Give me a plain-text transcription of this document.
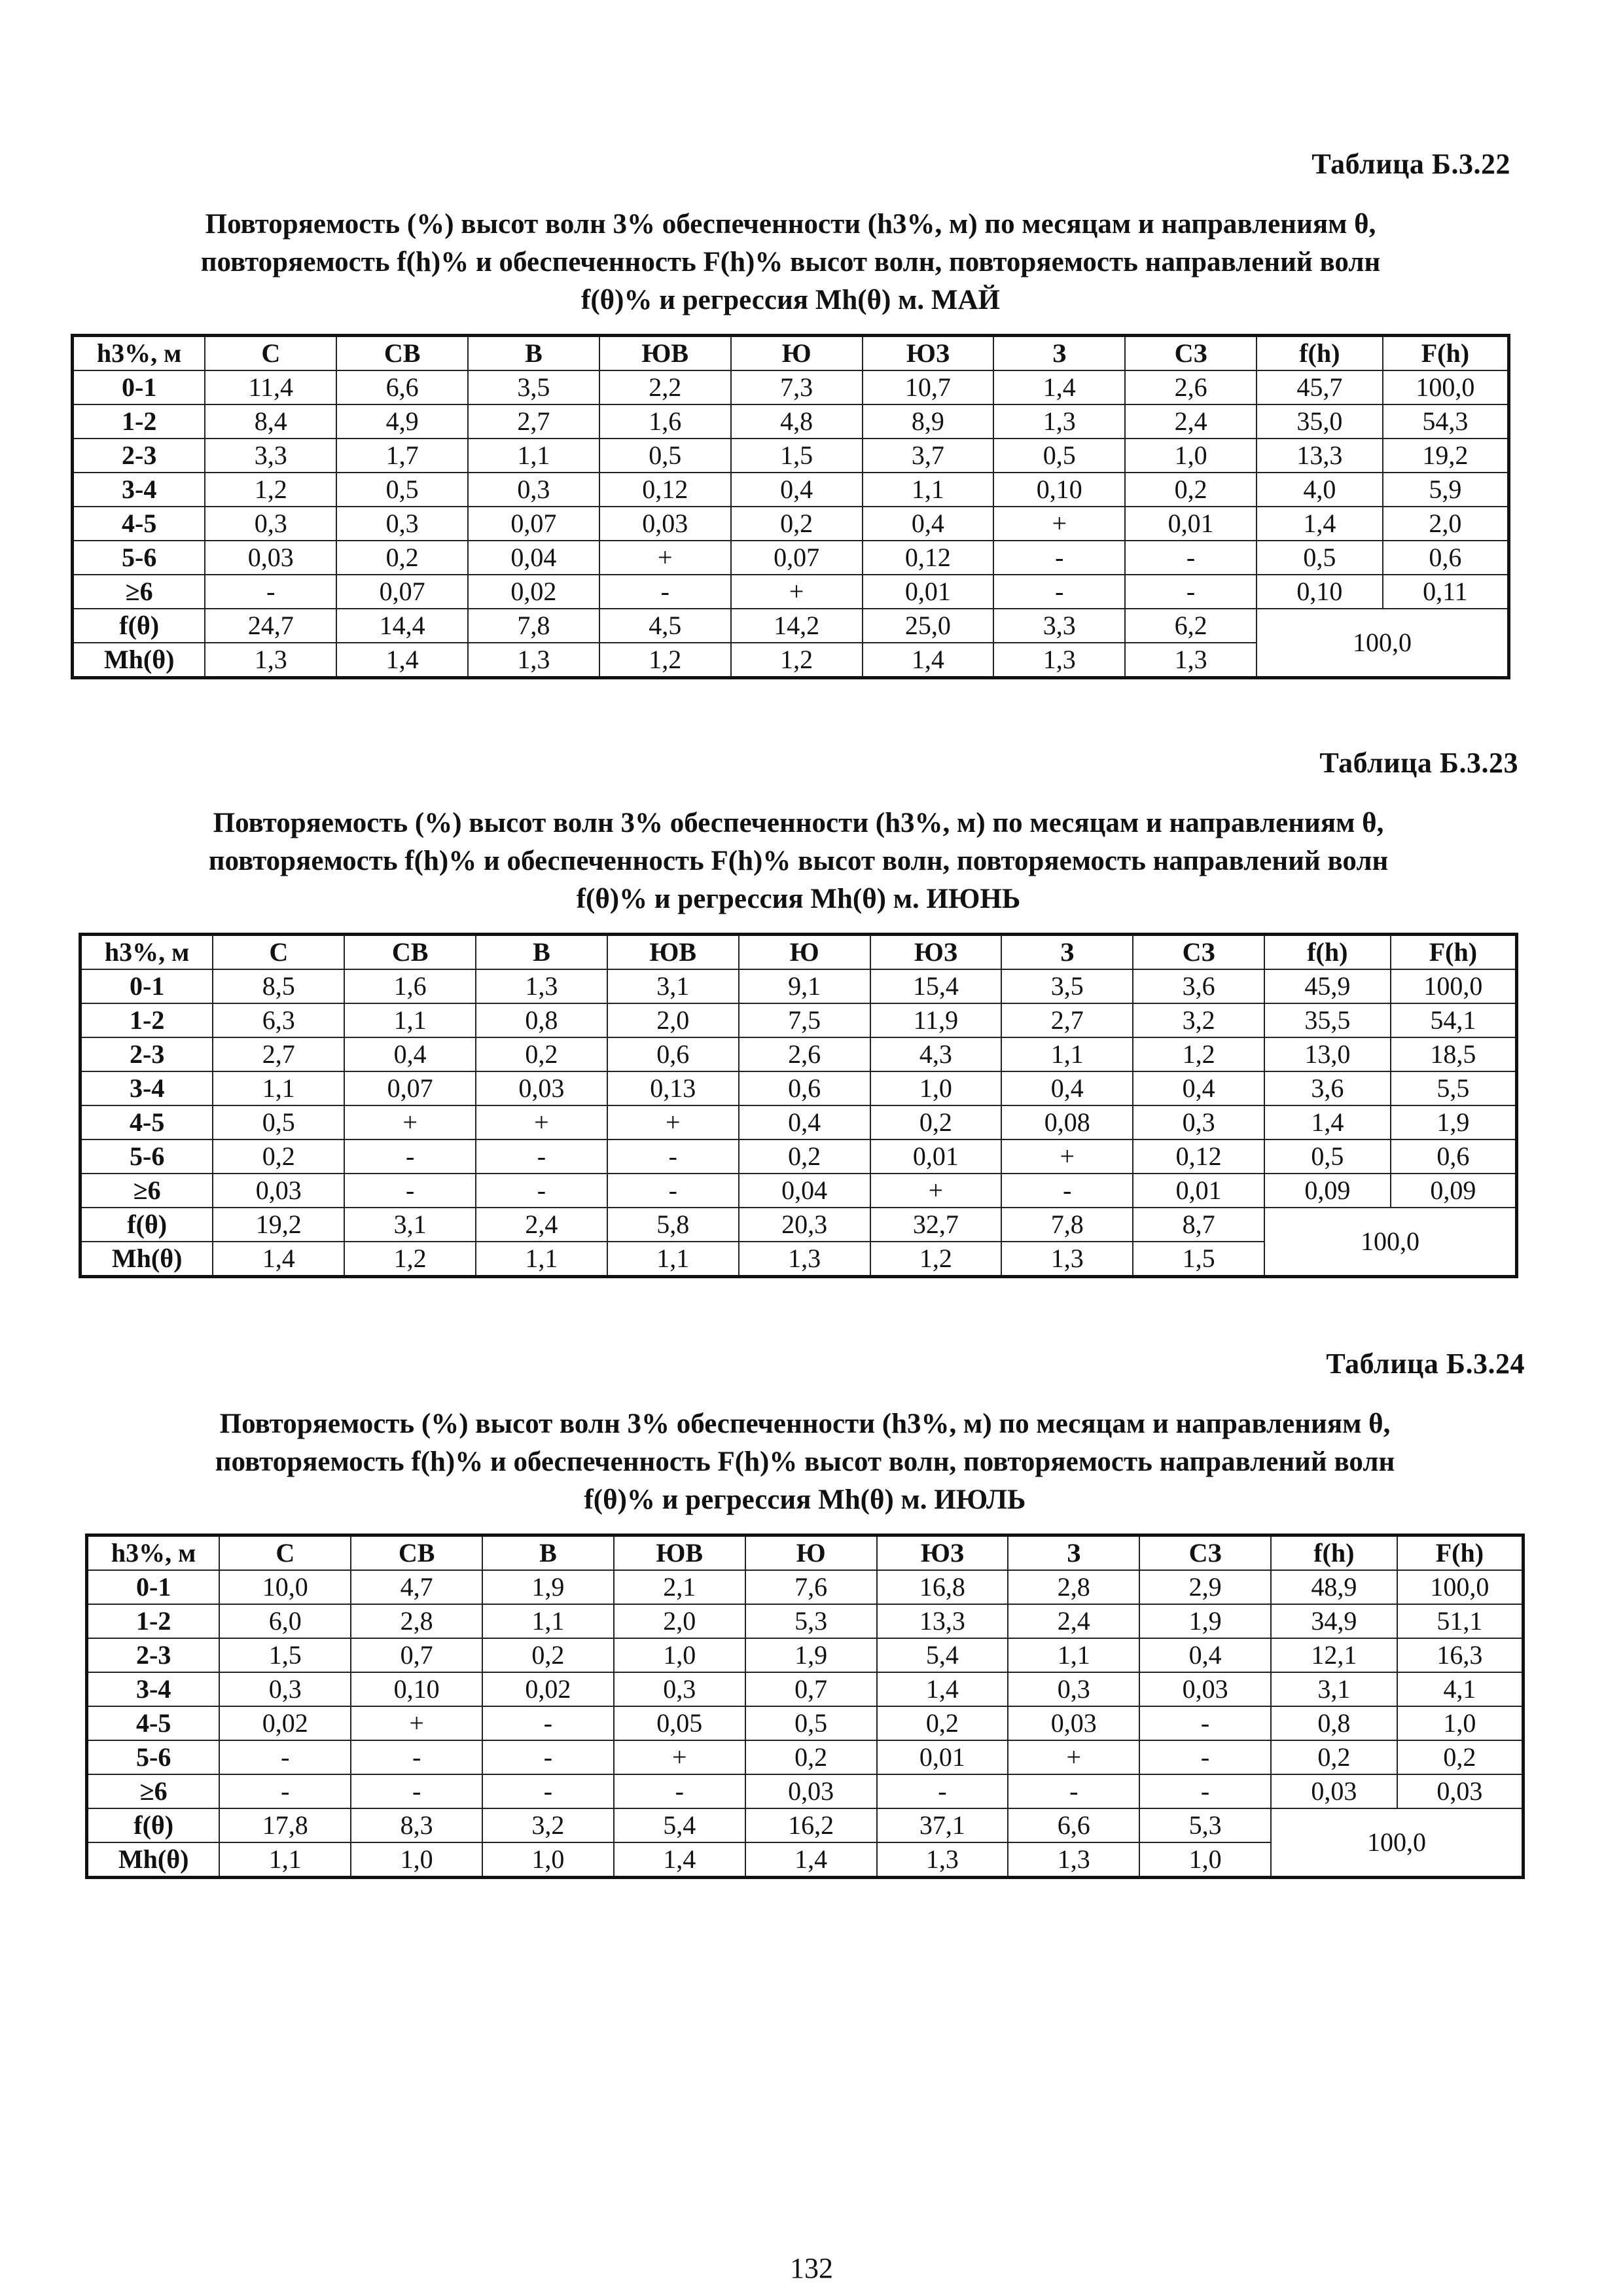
Таблица Б.3.22
Повторяемость (%) высот волн 3% обеспеченности (h3%, м) по месяцам и направлениям θ,
повторяемость f(h)% и обеспеченность F(h)% высот волн, повторяемость направлений волн
f(θ)% и регрессия Mh(θ) м. МАЙ
h3%, м	С	СВ	В	ЮВ	Ю	ЮЗ	З	СЗ	f(h)	F(h)
0-1	11,4	6,6	3,5	2,2	7,3	10,7	1,4	2,6	45,7	100,0
1-2	8,4	4,9	2,7	1,6	4,8	8,9	1,3	2,4	35,0	54,3
2-3	3,3	1,7	1,1	0,5	1,5	3,7	0,5	1,0	13,3	19,2
3-4	1,2	0,5	0,3	0,12	0,4	1,1	0,10	0,2	4,0	5,9
4-5	0,3	0,3	0,07	0,03	0,2	0,4	+	0,01	1,4	2,0
5-6	0,03	0,2	0,04	+	0,07	0,12	-	-	0,5	0,6
≥6	-	0,07	0,02	-	+	0,01	-	-	0,10	0,11
f(θ)	24,7	14,4	7,8	4,5	14,2	25,0	3,3	6,2	100,0	
Mh(θ)	1,3	1,4	1,3	1,2	1,2	1,4	1,3	1,3		
Таблица Б.3.23
Повторяемость (%) высот волн 3% обеспеченности (h3%, м) по месяцам и направлениям θ,
повторяемость f(h)% и обеспеченность F(h)% высот волн, повторяемость направлений волн
f(θ)% и регрессия Mh(θ) м. ИЮНЬ
h3%, м	С	СВ	В	ЮВ	Ю	ЮЗ	З	СЗ	f(h)	F(h)
0-1	8,5	1,6	1,3	3,1	9,1	15,4	3,5	3,6	45,9	100,0
1-2	6,3	1,1	0,8	2,0	7,5	11,9	2,7	3,2	35,5	54,1
2-3	2,7	0,4	0,2	0,6	2,6	4,3	1,1	1,2	13,0	18,5
3-4	1,1	0,07	0,03	0,13	0,6	1,0	0,4	0,4	3,6	5,5
4-5	0,5	+	+	+	0,4	0,2	0,08	0,3	1,4	1,9
5-6	0,2	-	-	-	0,2	0,01	+	0,12	0,5	0,6
≥6	0,03	-	-	-	0,04	+	-	0,01	0,09	0,09
f(θ)	19,2	3,1	2,4	5,8	20,3	32,7	7,8	8,7	100,0	
Mh(θ)	1,4	1,2	1,1	1,1	1,3	1,2	1,3	1,5		
Таблица Б.3.24
Повторяемость (%) высот волн 3% обеспеченности (h3%, м) по месяцам и направлениям θ,
повторяемость f(h)% и обеспеченность F(h)% высот волн, повторяемость направлений волн
f(θ)% и регрессия Mh(θ) м. ИЮЛЬ
h3%, м	С	СВ	В	ЮВ	Ю	ЮЗ	З	СЗ	f(h)	F(h)
0-1	10,0	4,7	1,9	2,1	7,6	16,8	2,8	2,9	48,9	100,0
1-2	6,0	2,8	1,1	2,0	5,3	13,3	2,4	1,9	34,9	51,1
2-3	1,5	0,7	0,2	1,0	1,9	5,4	1,1	0,4	12,1	16,3
3-4	0,3	0,10	0,02	0,3	0,7	1,4	0,3	0,03	3,1	4,1
4-5	0,02	+	-	0,05	0,5	0,2	0,03	-	0,8	1,0
5-6	-	-	-	+	0,2	0,01	+	-	0,2	0,2
≥6	-	-	-	-	0,03	-	-	-	0,03	0,03
f(θ)	17,8	8,3	3,2	5,4	16,2	37,1	6,6	5,3	100,0	
Mh(θ)	1,1	1,0	1,0	1,4	1,4	1,3	1,3	1,0		
132
